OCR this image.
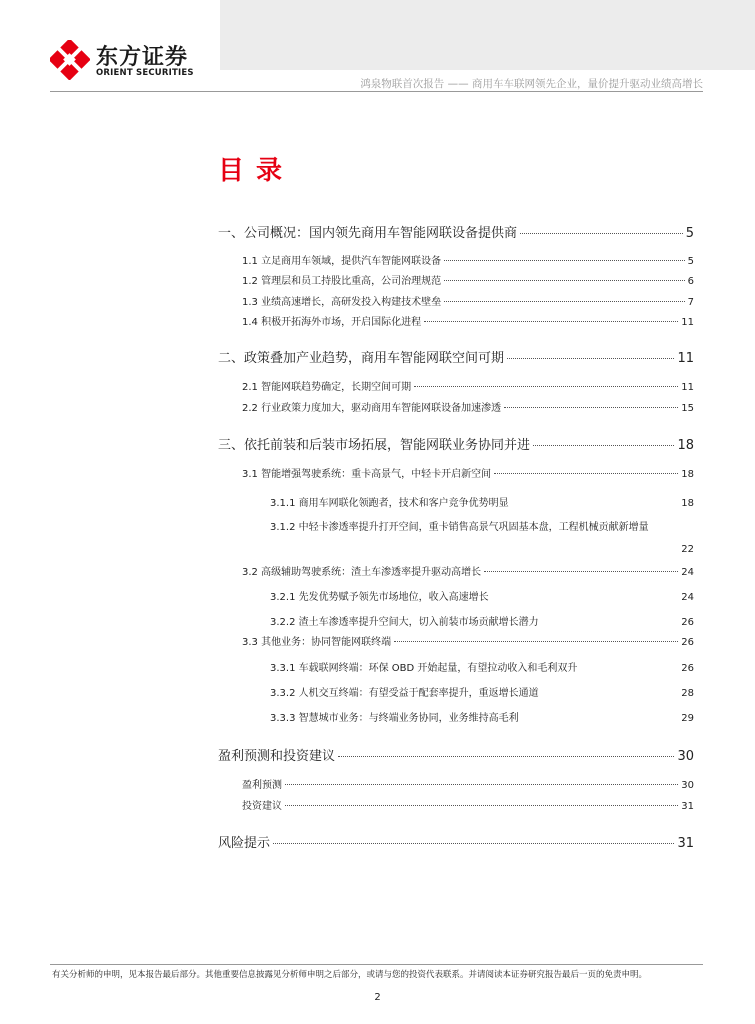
东方证券
ORIENT SECURITIES
鸿泉物联首次报告 —— 商用车车联网领先企业，量价提升驱动业绩高增长
目录
一、公司概况：国内领先商用车智能网联设备提供商	5
1.1 立足商用车领域，提供汽车智能网联设备	5
1.2 管理层和员工持股比重高，公司治理规范	6
1.3 业绩高速增长，高研发投入构建技术壁垒	7
1.4 积极开拓海外市场，开启国际化进程	11
二、政策叠加产业趋势，商用车智能网联空间可期	11
2.1 智能网联趋势确定，长期空间可期	11
2.2 行业政策力度加大，驱动商用车智能网联设备加速渗透	15
三、依托前装和后装市场拓展，智能网联业务协同并进	18
3.1 智能增强驾驶系统：重卡高景气，中轻卡开启新空间	18
3.1.1 商用车网联化领跑者，技术和客户竞争优势明显	18
3.1.2 中轻卡渗透率提升打开空间，重卡销售高景气巩固基本盘，工程机械贡献新增量
22
3.2 高级辅助驾驶系统：渣土车渗透率提升驱动高增长	24
3.2.1 先发优势赋予领先市场地位，收入高速增长	24
3.2.2 渣土车渗透率提升空间大，切入前装市场贡献增长潜力	26
3.3 其他业务：协同智能网联终端	26
3.3.1 车载联网终端：环保 OBD 开始起量，有望拉动收入和毛利双升	26
3.3.2 人机交互终端：有望受益于配套率提升，重返增长通道	28
3.3.3 智慧城市业务：与终端业务协同，业务维持高毛利	29
盈利预测和投资建议	30
盈利预测	30
投资建议	31
风险提示	31
有关分析师的申明，见本报告最后部分。其他重要信息披露见分析师申明之后部分，或请与您的投资代表联系。并请阅读本证券研究报告最后一页的免责申明。
2
